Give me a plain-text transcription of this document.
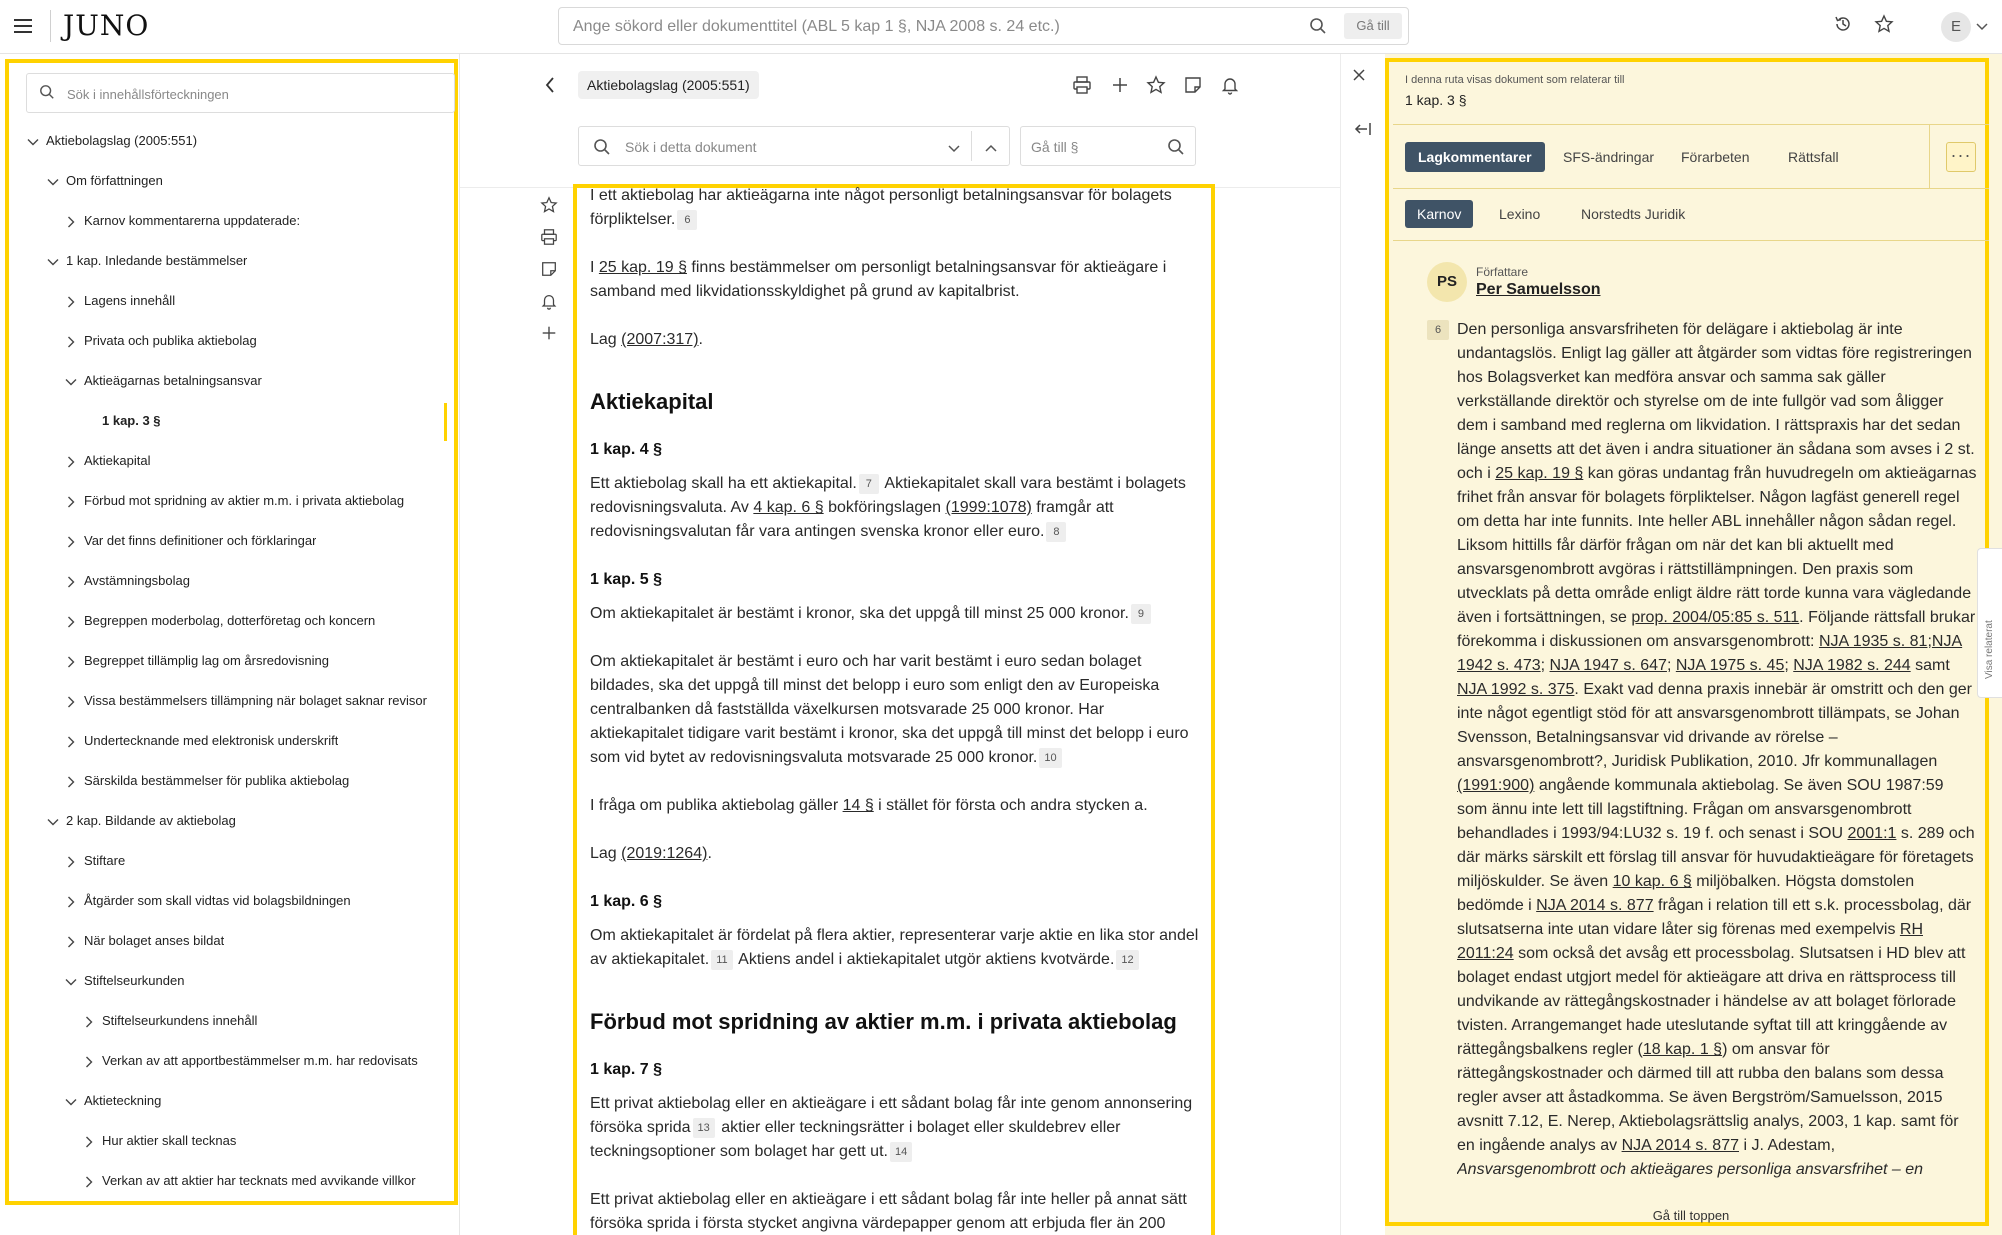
JUNO
Ange sökord eller dokumenttitel (ABL 5 kap 1 §, NJA 2008 s. 24 etc.)	Gå till	E
Sök i innehållsförteckningen
Aktiebolagslag (2005:551)
Om författningen
Karnov kommentarerna uppdaterade:
1 kap. Inledande bestämmelser
Lagens innehåll
Privata och publika aktiebolag
Aktieägarnas betalningsansvar
1 kap. 3 §
Aktiekapital
Förbud mot spridning av aktier m.m. i privata aktiebolag
Var det finns definitioner och förklaringar
Avstämningsbolag
Begreppen moderbolag, dotterföretag och koncern
Begreppet tillämplig lag om årsredovisning
Vissa bestämmelsers tillämpning när bolaget saknar revisor
Undertecknande med elektronisk underskrift
Särskilda bestämmelser för publika aktiebolag
2 kap. Bildande av aktiebolag
Stiftare
Åtgärder som skall vidtas vid bolagsbildningen
När bolaget anses bildat
Stiftelseurkunden
Stiftelseurkundens innehåll
Verkan av att apportbestämmelser m.m. har redovisats
Aktieteckning
Hur aktier skall tecknas
Verkan av att aktier har tecknats med avvikande villkor
Aktiebolagslag (2005:551)
Sök i detta dokument
Gå till §

I ett aktiebolag har aktieägarna inte något personligt betalningsansvar för bolagets förpliktelser. 6

I 25 kap. 19 § finns bestämmelser om personligt betalningsansvar för aktieägare i samband med likvidationsskyldighet på grund av kapitalbrist.

Lag (2007:317).

Aktiekapital
1 kap. 4 §

Ett aktiebolag skall ha ett aktiekapital. 7 Aktiekapitalet skall vara bestämt i bolagets redovisningsvaluta. Av 4 kap. 6 § bokföringslagen (1999:1078) framgår att redovisningsvalutan får vara antingen svenska kronor eller euro. 8

1 kap. 5 §

Om aktiekapitalet är bestämt i kronor, ska det uppgå till minst 25 000 kronor. 9

Om aktiekapitalet är bestämt i euro och har varit bestämt i euro sedan bolaget bildades, ska det uppgå till minst det belopp i euro som enligt den av Europeiska centralbanken då fastställda växelkursen motsvarade 25 000 kronor. Har aktiekapitalet tidigare varit bestämt i kronor, ska det uppgå till minst det belopp i euro som vid bytet av redovisningsvaluta motsvarade 25 000 kronor. 10

I fråga om publika aktiebolag gäller 14 § i stället för första och andra stycken a.

Lag (2019:1264).

1 kap. 6 §

Om aktiekapitalet är fördelat på flera aktier, representerar varje aktie en lika stor andel av aktiekapitalet. 11 Aktiens andel i aktiekapitalet utgör aktiens kvotvärde. 12

Förbud mot spridning av aktier m.m. i privata aktiebolag
1 kap. 7 §

Ett privat aktiebolag eller en aktieägare i ett sådant bolag får inte genom annonsering försöka sprida 13 aktier eller teckningsrätter i bolaget eller skuldebrev eller teckningsoptioner som bolaget har gett ut. 14

Ett privat aktiebolag eller en aktieägare i ett sådant bolag får inte heller på annat sätt försöka sprida i första stycket angivna värdepapper genom att erbjuda fler än 200

I denna ruta visas dokument som relaterar till
1 kap. 3 §
Lagkommentarer	SFS-ändringar Förarbeten	Rättsfall	···
Karnov	Lexino	Norstedts Juridik
PS
Författare
Per Samuelsson
6 Den personliga ansvarsfriheten för delägare i aktiebolag är inte undantagslös. Enligt lag gäller att åtgärder som vidtas före registreringen hos Bolagsverket kan medföra ansvar och samma sak gäller verkställande direktör och styrelse om de inte fullgör vad som åligger dem i samband med reglerna om likvidation. I rättspraxis har det sedan länge ansetts att det även i andra situationer än sådana som avses i 2 st. och i 25 kap. 19 § kan göras undantag från huvudregeln om aktieägarnas frihet från ansvar för bolagets förpliktelser. Någon lagfäst generell regel om detta har inte funnits. Inte heller ABL innehåller någon sådan regel. Liksom hittills får därför frågan om när det kan bli aktuellt med ansvarsgenombrott avgöras i rättstillämpningen. Den praxis som utvecklats på detta område enligt äldre rätt torde kunna vara vägledande även i fortsättningen, se prop. 2004/05:85 s. 511. Följande rättsfall brukar förekomma i diskussionen om ansvarsgenombrott: NJA 1935 s. 81;NJA 1942 s. 473; NJA 1947 s. 647; NJA 1975 s. 45; NJA 1982 s. 244 samt NJA 1992 s. 375. Exakt vad denna praxis innebär är omstritt och den ger inte något egentligt stöd för att ansvarsgenombrott tillämpats, se Johan Svensson, Betalningsansvar vid drivande av rörelse – ansvarsgenombrott?, Juridisk Publikation, 2010. Jfr kommunallagen (1991:900) angående kommunala aktiebolag. Se även SOU 1987:59 som ännu inte lett till lagstiftning. Frågan om ansvarsgenombrott behandlades i 1993/94:LU32 s. 19 f. och senast i SOU 2001:1 s. 289 och där märks särskilt ett förslag till ansvar för huvudaktieägare för företagets miljöskulder. Se även 10 kap. 6 § miljöbalken. Högsta domstolen bedömde i NJA 2014 s. 877 frågan i relation till ett s.k. processbolag, där slutsatserna inte utan vidare låter sig förenas med exempelvis RH 2011:24 som också det avsåg ett processbolag. Slutsatsen i HD blev att bolaget endast utgjort medel för aktieägare att driva en rättsprocess till undvikande av rättegångskostnader i händelse av att bolaget förlorade tvisten. Arrangemanget hade uteslutande syftat till att kringgående av rättegångsbalkens regler (18 kap. 1 §) om ansvar för rättegångskostnader och därmed till att rubba den balans som dessa regler avser att åstadkomma. Se även Bergström/Samuelsson, 2015 avsnitt 7.12, E. Nerep, Aktiebolagsrättslig analys, 2003, 1 kap. samt för en ingående analys av NJA 2014 s. 877 i J. Adestam, Ansvarsgenombrott och aktieägares personliga ansvarsfrihet – en
Gå till toppen
Visa relaterat
